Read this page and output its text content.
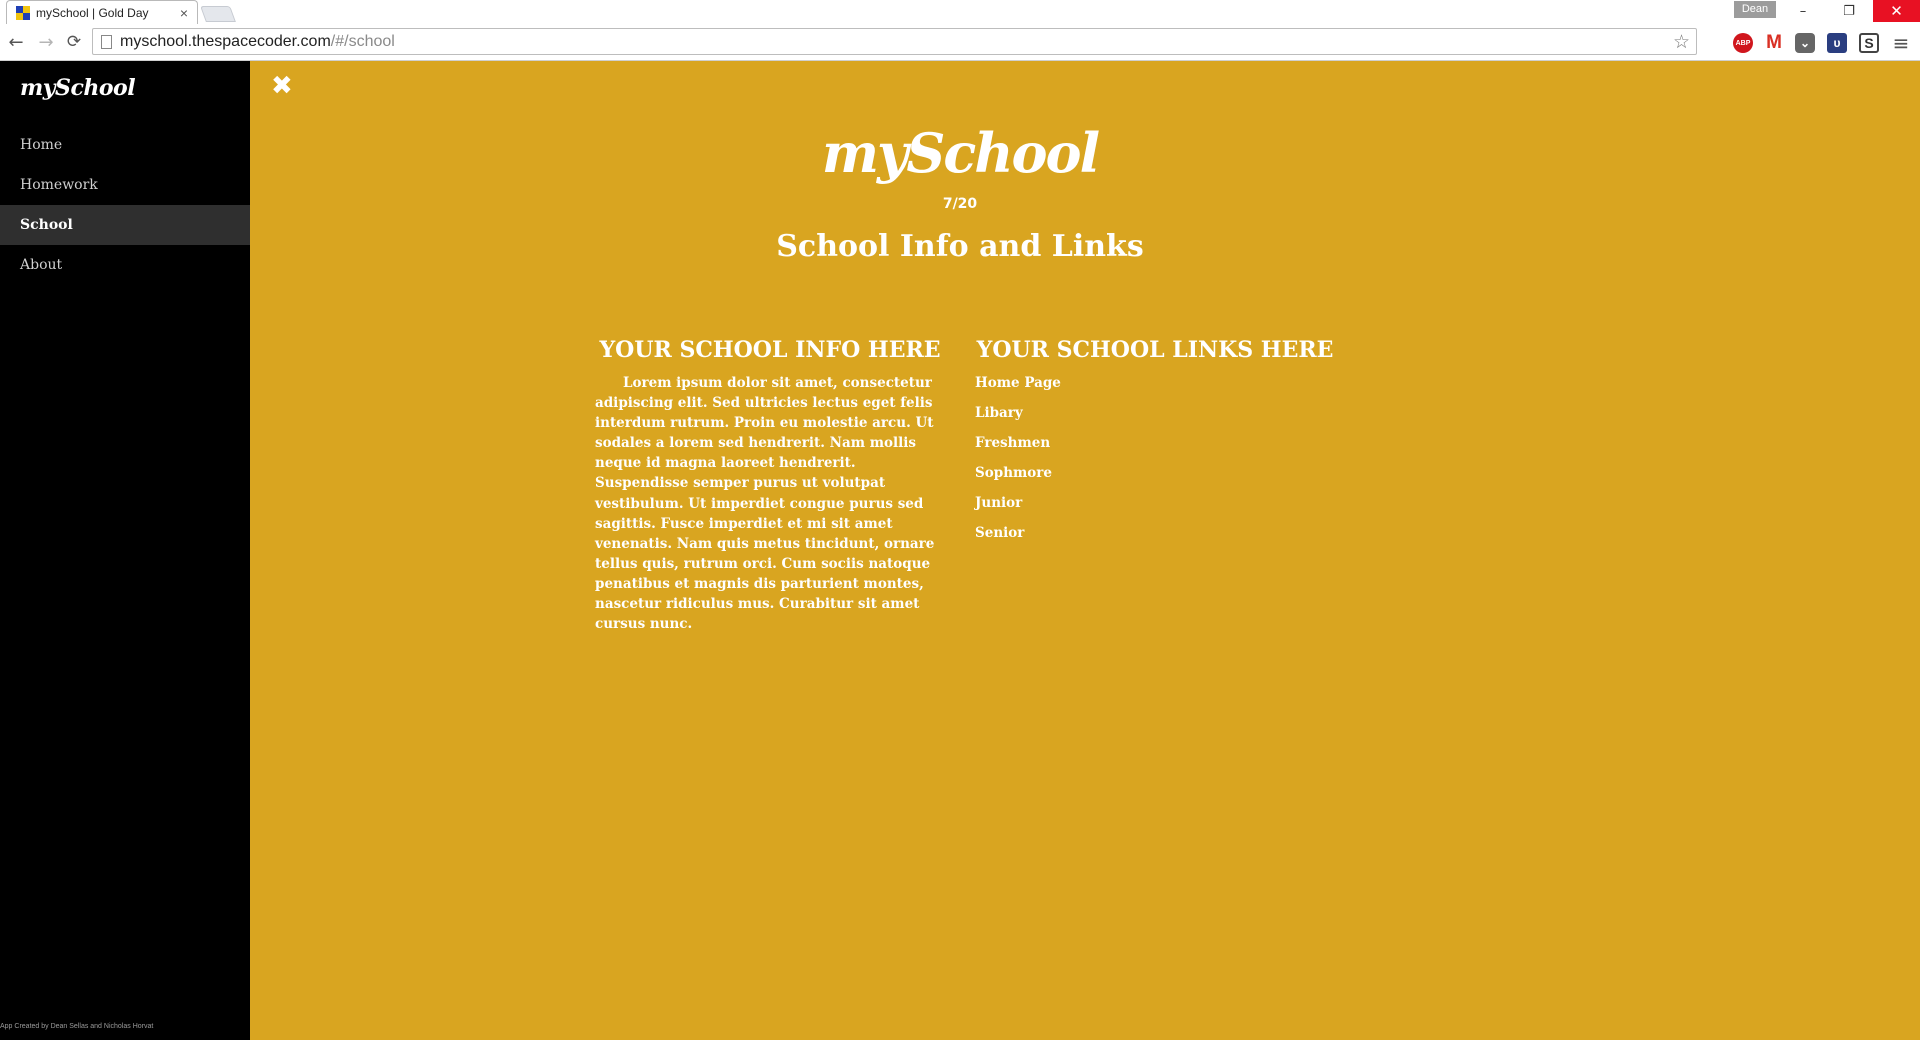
mySchool | Gold Day	×	Dean	–	❐	✕
← → ⟳ myschool.thespacecoder.com /#/school	☆	ABP M	⌄	υ	S ≡
mySchool
Home
Homework
School
About
App Created by Dean Sellas and Nicholas Horvat
✖
mySchool
7/20
School Info and Links
YOUR SCHOOL INFO HERE

Lorem ipsum dolor sit amet, consectetur adipiscing elit. Sed ultricies lectus eget felis interdum rutrum. Proin eu molestie arcu. Ut sodales a lorem sed hendrerit. Nam mollis neque id magna laoreet hendrerit. Suspendisse semper purus ut volutpat vestibulum. Ut imperdiet congue purus sed sagittis. Fusce imperdiet et mi sit amet venenatis. Nam quis metus tincidunt, ornare tellus quis, rutrum orci. Cum sociis natoque penatibus et magnis dis parturient montes, nascetur ridiculus mus. Curabitur sit amet cursus nunc.

YOUR SCHOOL LINKS HERE
Home Page
Libary
Freshmen
Sophmore
Junior
Senior
